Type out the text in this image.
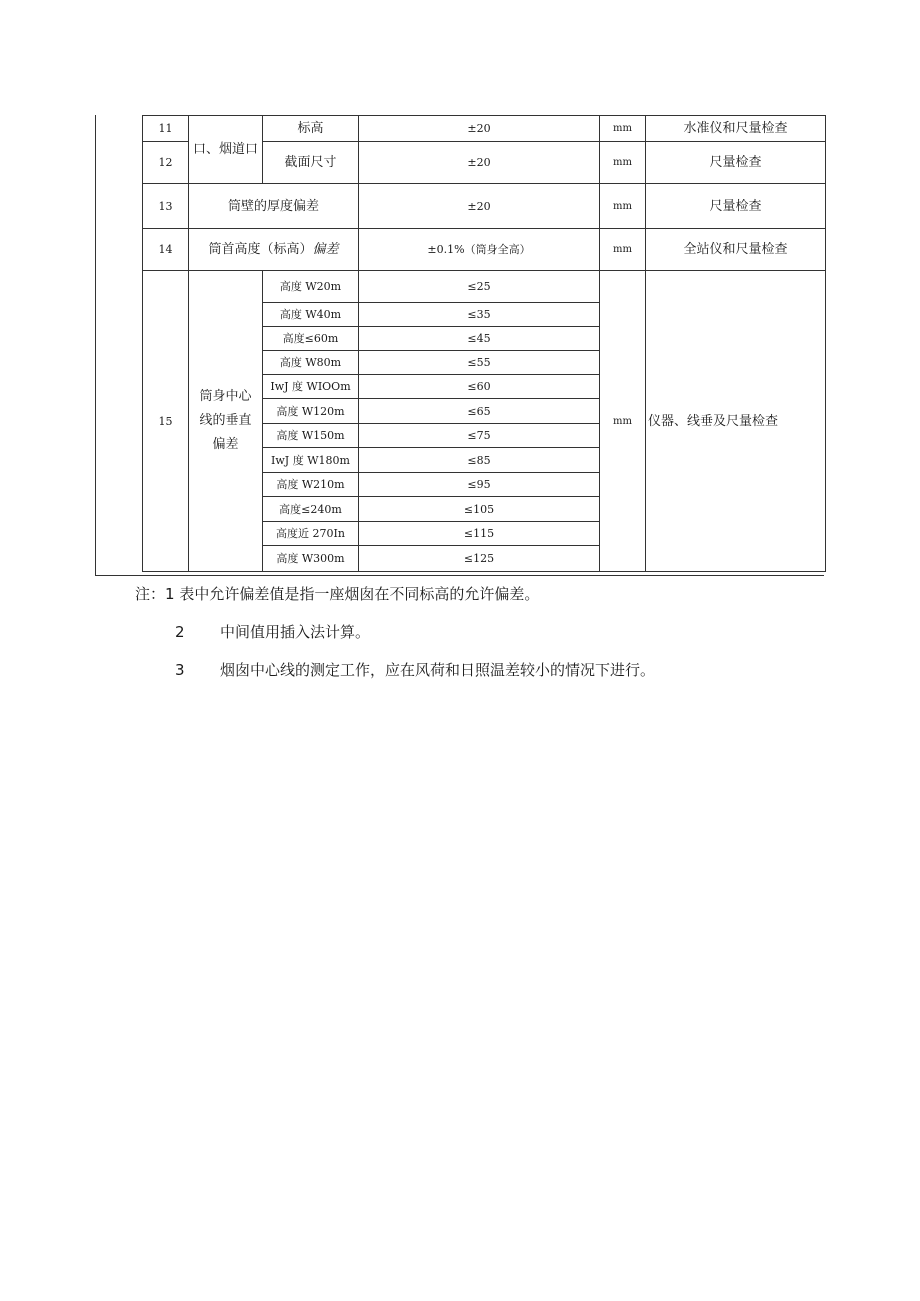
11	口、烟道口	标高	±20	mm	水准仪和尺量检查
12		截面尺寸	±20	mm	尺量检查
13	筒壁的厚度偏差		±20	mm	尺量检查
14	筒首高度（标高）偏差		±0.1%（筒身全高）	mm	全站仪和尺量检查
15	筒身中心
线的垂直
偏差	高度 W20m	≤25	mm	仪器、线垂及尺量检查
		高度 W40m	≤35		
		高度≤60m	≤45		
		高度 W80m	≤55		
		IwJ 度 WIOOm	≤60		
		高度 W120m	≤65		
		高度 W150m	≤75		
		IwJ 度 W180m	≤85		
		高度 W210m	≤95		
		高度≤240m	≤105		
		高度近 270In	≤115		
		高度 W300m	≤125		
注：1 表中允许偏差值是指一座烟囱在不同标高的允许偏差。
2 中间值用插入法计算。
3 烟囱中心线的测定工作，应在风荷和日照温差较小的情况下进行。
